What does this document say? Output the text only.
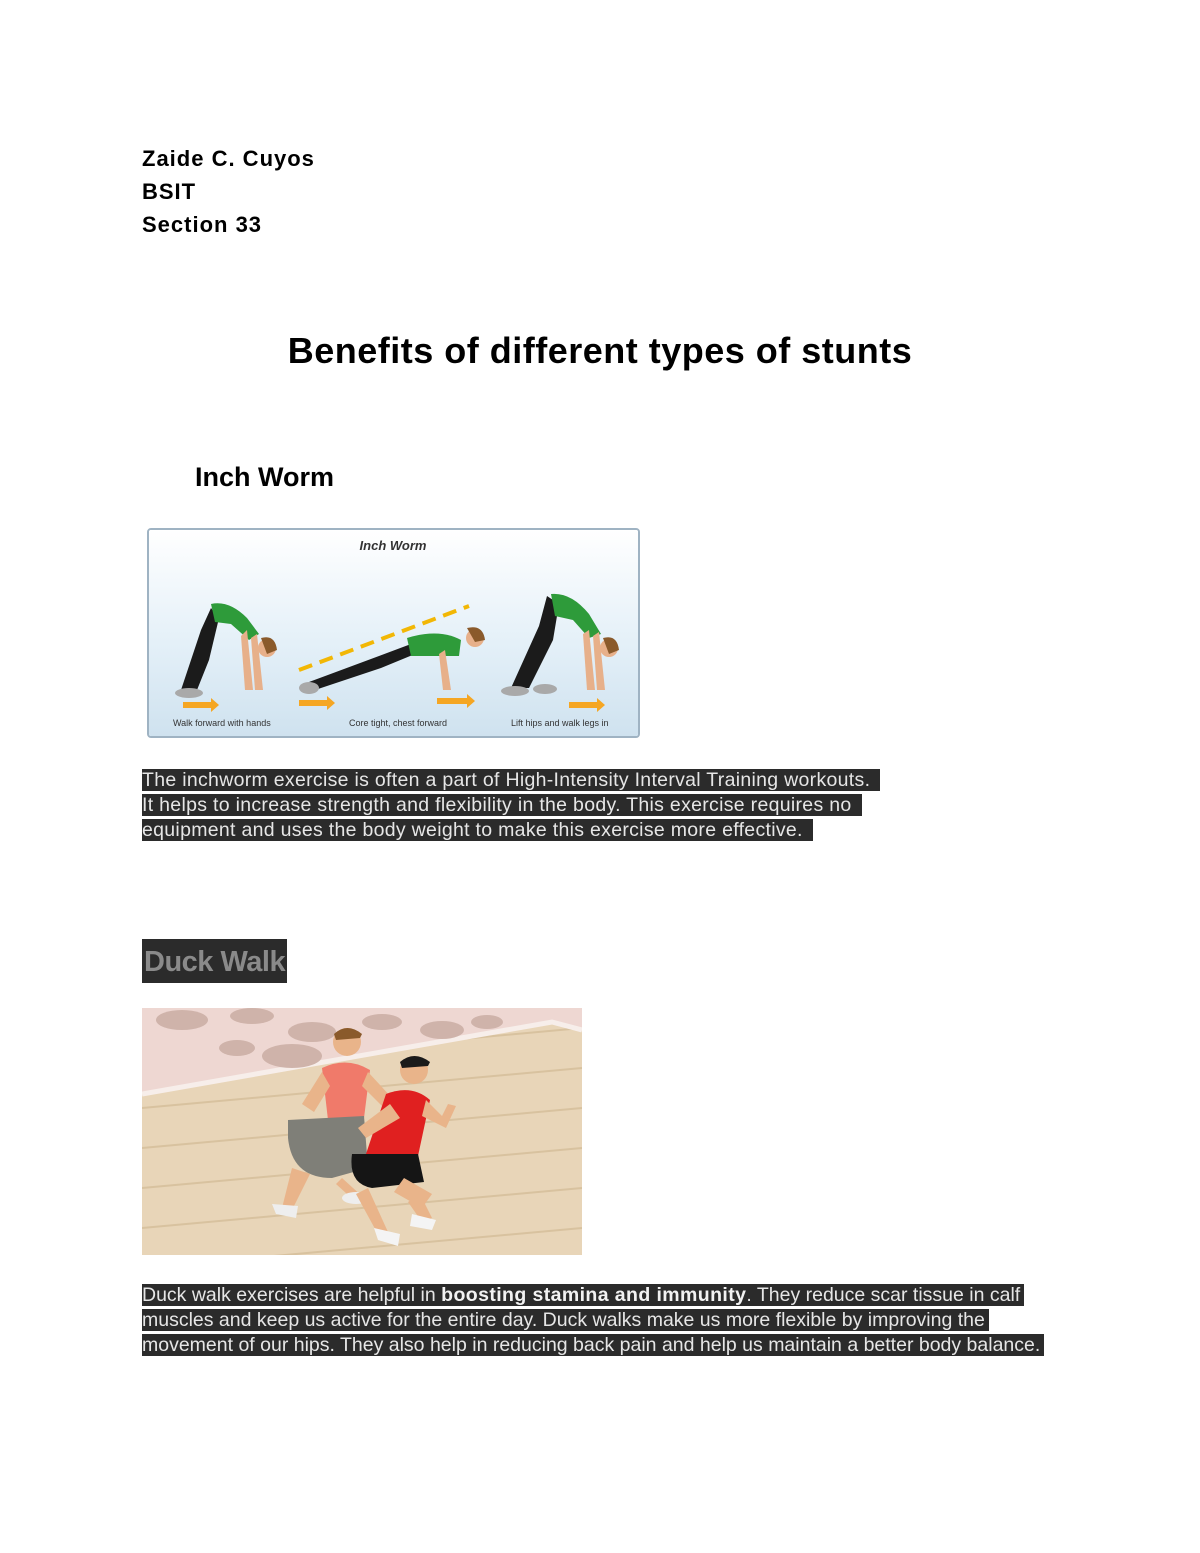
Zaide C. Cuyos
BSIT
Section 33
Benefits of different types of stunts
Inch Worm
Inch Worm
Walk forward with hands	Core tight, chest forward	Lift hips and walk legs in
The inchworm exercise is often a part of High-Intensity Interval Training workouts.
It helps to increase strength and flexibility in the body. This exercise requires no
equipment and uses the body weight to make this exercise more effective.
Duck Walk
Duck walk exercises are helpful in boosting stamina and immunity. They reduce scar tissue in calf muscles and keep us active for the entire day. Duck walks make us more flexible by improving the movement of our hips. They also help in reducing back pain and help us maintain a better body balance.
